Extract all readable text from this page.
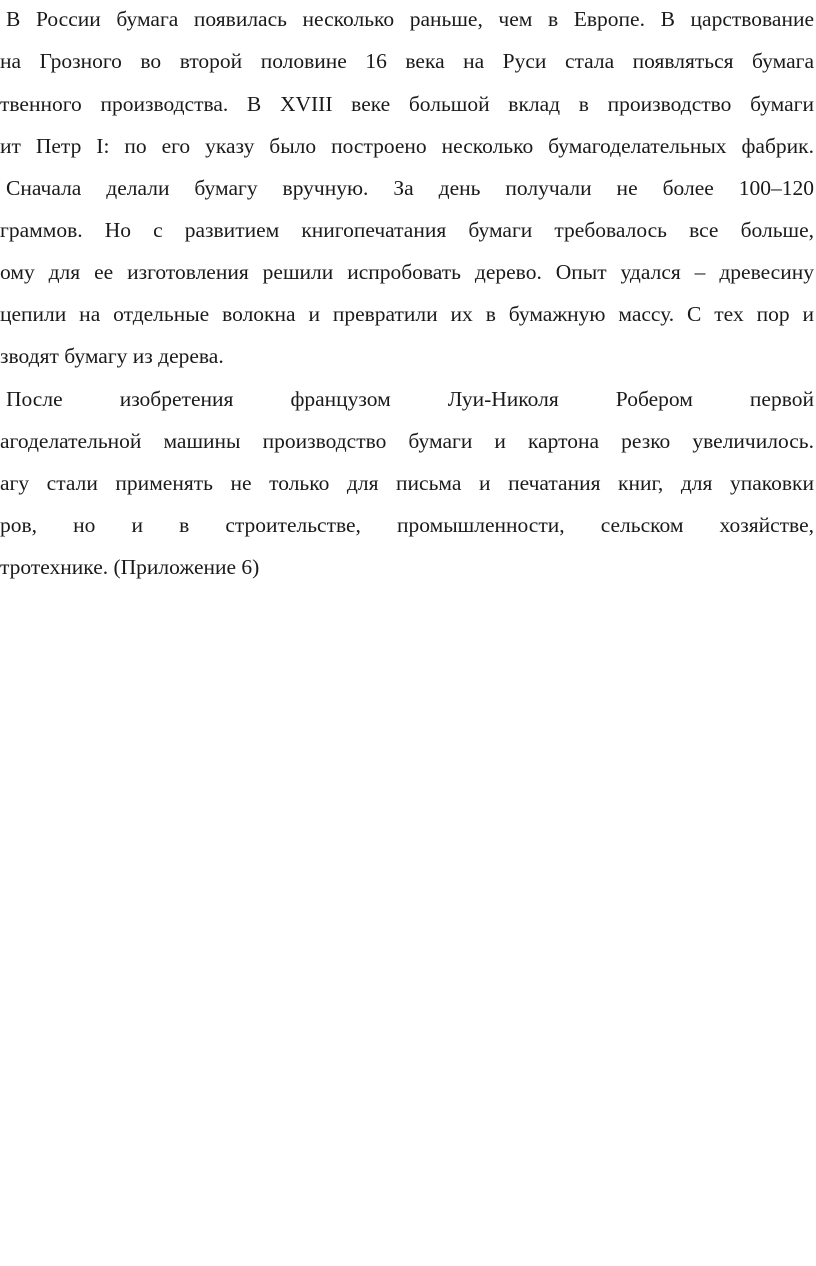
В России бумага появилась несколько раньше, чем в Европе. В царствование
на Грозного во второй половине 16 века на Руси стала появляться бумага
твенного производства. В XVIII веке большой вклад в производство бумаги
ит Петр I: по его указу было построено несколько бумагоделательных фабрик.
Сначала делали бумагу вручную. За день получали не более 100–120
граммов. Но с развитием книгопечатания бумаги требовалось все больше,
ому для ее изготовления решили испробовать дерево. Опыт удался – древесину
цепили на отдельные волокна и превратили их в бумажную массу. С тех пор и
зводят бумагу из дерева.
После изобретения французом Луи-Николя Робером первой
агоделательной машины производство бумаги и картона резко увеличилось.
агу стали применять не только для письма и печатания книг, для упаковки
ров, но и в строительстве, промышленности, сельском хозяйстве,
тротехнике. (Приложение 6)
